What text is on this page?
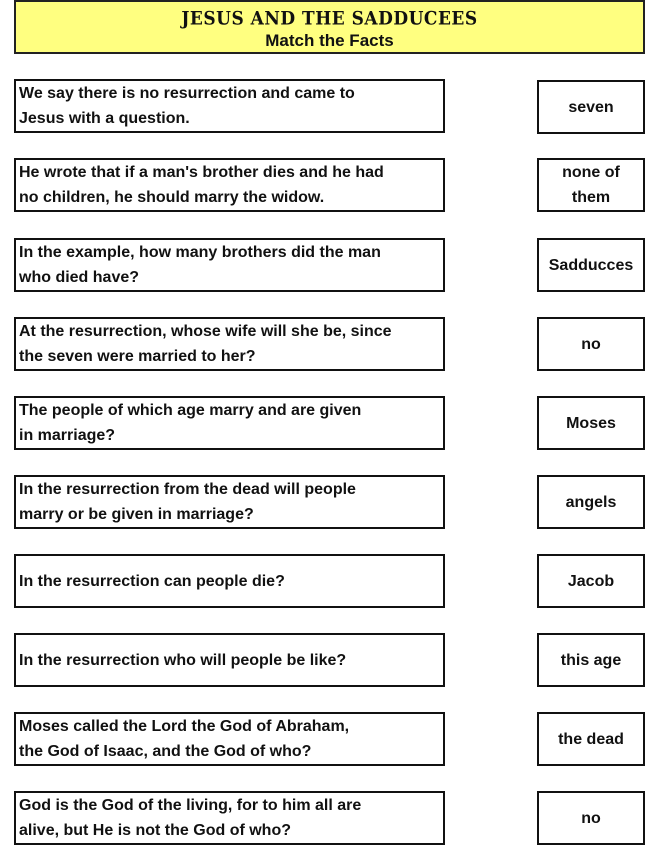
JESUS AND THE SADDUCEES
Match the Facts
We say there is no resurrection and came to
Jesus with a question.
seven
He wrote that if a man's brother dies and he had
no children, he should marry the widow.
none of
them
In the example, how many brothers did the man
who died have?
Sadducces
At the resurrection, whose wife will she be, since
the seven were married to her?
no
The people of which age marry and are given
in marriage?
Moses
In the resurrection from the dead will people
marry or be given in marriage?
angels
In the resurrection can people die?	Jacob
In the resurrection who will people be like?	this age
Moses called the Lord the God of Abraham,
the God of Isaac, and the God of who?
the dead
God is the God of the living, for to him all are
alive, but He is not the God of who?
no
